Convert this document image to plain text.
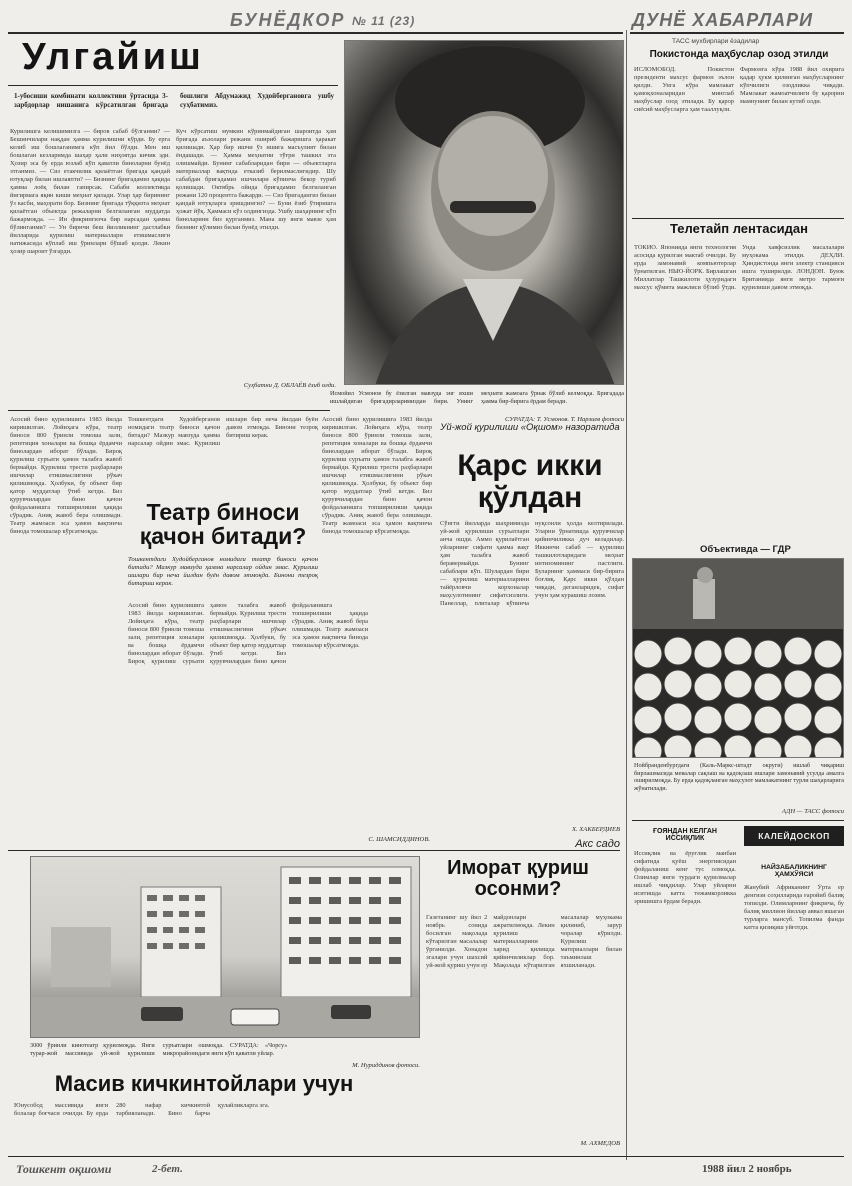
БУНЁДКОР № 11 (23)	ДУНЁ ХАБАРЛАРИ
ТАСС мухбирлари ёзадилар
Улгайиш
1-убосиши комбинати коллективи ўртасида 3-зарбдорлар нишанига кўрсатилган бригада бошлиги Абдумажид Худойбергановга ушбу суҳбатимиз.
Курилишга келишимизга — биров сабаб бўлганми? — Бешинчилари нақдан ҳамма курилишни кўрди. Бу ерга келиб иш бошлаганимга кўп йил бўлди. Мен иш бошлаган кезларимда шаҳар ҳали ниҳоятда кичик эди. Ҳозир эса бу ерда юзлаб кўп қаватли биноларни бунёд этганмиз. — Сиз етакчилик қилаётган бригада қандай ютуқлар билан ишлаяпти? — Бизнинг бригадамиз ҳақида ҳамма лоёқ билан гапирсак. Сабаби коллективда йигирмага яқин киши меҳнат қилади. Улар ҳар бирининг ўз касби, маҳорати бор. Бизнинг бригада тўққизта меҳнат қилаётган объектда режаларни белгиланган муддатда бажармоқда. — Ин фикрингизча бир нарсадан ҳамма бўлинганми? — Ун бирнчи беш йилликнинг дастлабки йилларида қурилиш материаллари етишмаслиги натижасида кўплаб иш ўринлари бўшаб қолди. Лекин ҳозир шароит ўзгарди.
Куч кўрсатиш мумкин кўринмайдиган шароитда ҳам бригада аъзолари режани ошириб бажаришга ҳаракат қилишади. Ҳар бир ишчи ўз ишига масъулият билан ёндашади. — Ҳамма меҳнатни тўғри ташкил эта олишмайди. Бунинг сабабларидан бири — объектларга материаллар вақтида етказиб берилмаслигидир. Шу сабабдан бригадамиз ишчилари кўпинча бекор туриб қолишади. Октябрь ойида бригадамиз белгиланган режани 120 процентга бажарди. — Сиз бригадангиз билан қандай ютуқларга эришдингиз? — Буни ёзиб ўтиришга ҳожат йўқ. Ҳаммаси кўз олдингизда. Ушбу шаҳарнинг кўп биноларини биз қурганмиз. Мана шу янги мавзе ҳам бизнинг қўлимиз билан бунёд этилди.
Суҳбатни Д. ОБЛАЁВ ёзиб олди.
Исмойил Усмонов бу ёзилган мавзуда энг яхши ишлайдиган бригадирларимиздан бири. Унинг меҳнати жамоага ўрнак бўлиб келмоқда. Бригадада ҳамма бир-бирига ёрдам беради.
СУРАТДА: Т. Усмонов. Т. Нарзиев фотоси
Асосий бино қурилишига 1983 йилда киришилган. Лойиҳага кўра, театр биноси 800 ўринли томоша зали, репетиция хоналари ва бошқа ёрдамчи бинолардан иборат бўлади. Бироқ қурилиш суръати ҳамон талабга жавоб бермайди. Қурилиш трести раҳбарлари ишчилар етишмаслигини рўкач қилишмоқда. Ҳолбуки, бу объект бир қатор муддатлар ўтиб кетди. Биз қурувчилардан бино қачон фойдаланишга топширилиши ҳақида сўрадик. Аниқ жавоб бера олишмади. Театр жамоаси эса ҳамон вақтинча бинода томошалар кўрсатмоқда.
Театр биноси қачон битади?
Тошкентдаги Худойберганов номидаги театр биноси қачон битади? Мазкур мавзуда ҳамма нарсалар ойдин эмас. Қурилиш ишлари бир неча йилдан буён давом этмоқда. Бинони тезроқ битириш керак.
Тошкентдаги Худойберганов номидаги театр биноси қачон битади? Мазкур мавзуда ҳамма нарсалар ойдин эмас. Қурилиш ишлари бир неча йилдан буён давом этмоқда. Бинони тезроқ битириш керак.
Асосий бино қурилишига 1983 йилда киришилган. Лойиҳага кўра, театр биноси 800 ўринли томоша зали, репетиция хоналари ва бошқа ёрдамчи бинолардан иборат бўлади. Бироқ қурилиш суръати ҳамон талабга жавоб бермайди. Қурилиш трести раҳбарлари ишчилар етишмаслигини рўкач қилишмоқда. Ҳолбуки, бу объект бир қатор муддатлар ўтиб кетди. Биз қурувчилардан бино қачон фойдаланишга топширилиши ҳақида сўрадик. Аниқ жавоб бера олишмади. Театр жамоаси эса ҳамон вақтинча бинода томошалар кўрсатмоқда.
Асосий бино қурилишига 1983 йилда киришилган. Лойиҳага кўра, театр биноси 800 ўринли томоша зали, репетиция хоналари ва бошқа ёрдамчи бинолардан иборат бўлади. Бироқ қурилиш суръати ҳамон талабга жавоб бермайди. Қурилиш трести раҳбарлари ишчилар етишмаслигини рўкач қилишмоқда. Ҳолбуки, бу объект бир қатор муддатлар ўтиб кетди. Биз қурувчилардан бино қачон фойдаланишга топширилиши ҳақида сўрадик. Аниқ жавоб бера олишмади. Театр жамоаси эса ҳамон вақтинча бинода томошалар кўрсатмоқда.
С. ШАМСИДДИНОВ.
Уй-жой қурилиши «Оқшом» назоратида
Қарс икки қўлдан
Сўнгги йилларда шаҳримизда уй-жой қурилиши суръатлари анча ошди. Аммо қурилаётган уйларнинг сифати ҳамма вақт ҳам талабга жавоб беравермайди. Бунинг сабаблари кўп. Шулардан бири — қурилиш материалларини тайёрловчи корхоналар маҳсулотининг сифатсизлиги. Панеллар, плиталар кўпинча нуқсонли ҳолда келтирилади. Уларни ўрнатишда қурувчилар қийинчиликка дуч келадилар. Иккинчи сабаб — қурилиш ташкилотларидаги меҳнат интизомининг пастлиги. Буларнинг ҳаммаси бир-бирига боғлиқ. Қарс икки қўлдан чиқади, деганларидек, сифат учун ҳам курашиш лозим.
Х. ХАКБЕРДИЕВ
Акс садо
3000 ўринли кинотеатр қурилмоқда. Янги турар-жой массивида уй-жой қурилиши суръатлари ошмоқда. СУРАТДА: «Чорсу» микрорайонидаги янги кўп қаватли уйлар.
М. Нуриддинов фотоси.
Иморат қуриш осонми?
Газетанинг шу йил 2 ноябрь сонида босилган мақолада кўтарилган масалалар ўрганилди. Хонадон эгалари учун шахсий уй-жой қуриш учун ер майдонлари ажратилмоқда. Лекин қурилиш материалларини харид қилишда қийинчиликлар бор. Мақолада кўтарилган масалалар муҳокама қилиниб, зарур чоралар кўрилди. Қурилиш материаллари билан таъминлаш яхшиланади.
М. АХМЕДОВ
Масив кичкинтойлари учун
Юнусобод массивида янги болалар боғчаси очилди. Бу ерда 280 нафар кичкинтой тарбияланади. Бино барча қулайликларга эга.
Покистонда маҳбуслар озод этилди
ИСЛОМОБОД. Покистон президенти махсус фармон эълон қилди. Унга кўра мамлакат қамоқхоналаридан минглаб маҳбуслар озод этилади. Бу қарор сиёсий маҳбусларга ҳам тааллуқли.
Фармонга кўра 1988 йил охирига қадар ҳукм қилинган маҳбусларнинг кўпчилиги озодликка чиқади. Мамлакат жамоатчилиги бу қарорни мамнуният билан кутиб олди.
Телетайп лентасидан
ТОКИО. Японияда янги технология асосида қурилган мактаб очилди. Бу ерда замонавий компьютерлар ўрнатилган. НЬЮ-ЙОРК. Бирлашган Миллатлар Ташкилоти ҳузуридаги махсус қўмита мажлиси бўлиб ўтди. Унда хавфсизлик масалалари муҳокама этилди. ДЕҲЛИ. Ҳиндистонда янги электр станцияси ишга туширилди. ЛОНДОН. Буюк Британияда янги метро тармоғи қурилиши давом этмоқда.
Объективда — ГДР
Нойбранденбургдаги (Каль-Маркс-штадт округи) ишлаб чиқариш бирлашмасида мевалар сақлаш ва қадоқлаш ишлари замонавий усулда амалга оширилмоқда. Бу ерда қадоқланган маҳсулот мамлакатнинг турли шаҳарларига жўнатилади.
АДН — ТАСС фотоси
ҒОЯНДАН КЕЛГАН ИССИҚЛИК
Иссиқлик ва ёруғлик манбаи сифатида қуёш энергиясидан фойдаланиш кенг тус олмоқда. Олимлар янги турдаги қурилмалар ишлаб чиқдилар. Улар уйларни иситишда катта тежамкорликка эришишга ёрдам беради.
КАЛЕЙДОСКОП
НАЙЗАБАЛИКНИНГ ҲАМХЎЯСИ
Жанубий Африканинг Ўрта ер денгизи соҳилларида ғаройиб балиқ топилди. Олимларнинг фикрича, бу балиқ миллион йиллар аввал яшаган турларга мансуб. Топилма фанда катта қизиқиш уйғотди.
Тошкент оқшоми	2-бет.	1988 йил 2 ноябрь
